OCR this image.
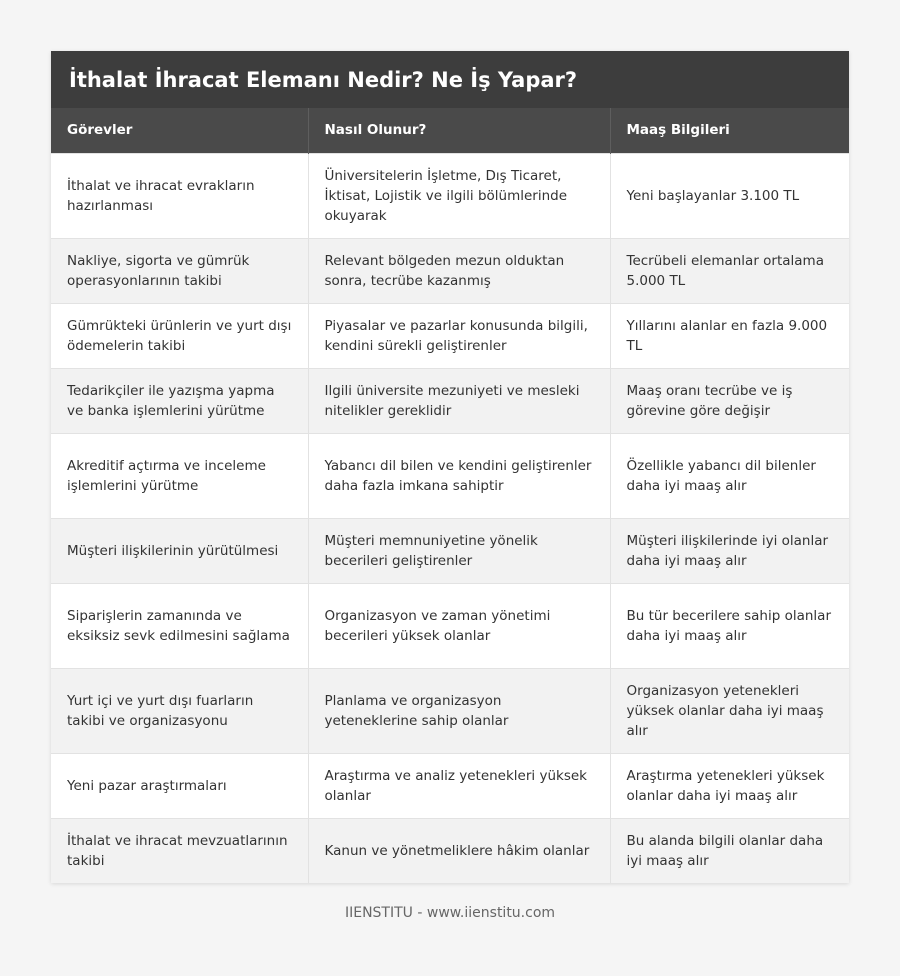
İthalat İhracat Elemanı Nedir? Ne İş Yapar?
Görevler	Nasıl Olunur?	Maaş Bilgileri
İthalat ve ihracat evrakların hazırlanması	Üniversitelerin İşletme, Dış Ticaret, İktisat, Lojistik ve ilgili bölümlerinde okuyarak	Yeni başlayanlar 3.100 TL
Nakliye, sigorta ve gümrük operasyonlarının takibi	Relevant bölgeden mezun olduktan sonra, tecrübe kazanmış	Tecrübeli elemanlar ortalama 5.000 TL
Gümrükteki ürünlerin ve yurt dışı ödemelerin takibi	Piyasalar ve pazarlar konusunda bilgili, kendini sürekli geliştirenler	Yıllarını alanlar en fazla 9.000 TL
Tedarikçiler ile yazışma yapma ve banka işlemlerini yürütme	Ilgili üniversite mezuniyeti ve mesleki nitelikler gereklidir	Maaş oranı tecrübe ve iş görevine göre değişir
Akreditif açtırma ve inceleme işlemlerini yürütme	Yabancı dil bilen ve kendini geliştirenler daha fazla imkana sahiptir	Özellikle yabancı dil bilenler daha iyi maaş alır
Müşteri ilişkilerinin yürütülmesi	Müşteri memnuniyetine yönelik becerileri geliştirenler	Müşteri ilişkilerinde iyi olanlar daha iyi maaş alır
Siparişlerin zamanında ve eksiksiz sevk edilmesini sağlama	Organizasyon ve zaman yönetimi becerileri yüksek olanlar	Bu tür becerilere sahip olanlar daha iyi maaş alır
Yurt içi ve yurt dışı fuarların takibi ve organizasyonu	Planlama ve organizasyon yeteneklerine sahip olanlar	Organizasyon yetenekleri yüksek olanlar daha iyi maaş alır
Yeni pazar araştırmaları	Araştırma ve analiz yetenekleri yüksek olanlar	Araştırma yetenekleri yüksek olanlar daha iyi maaş alır
İthalat ve ihracat mevzuatlarının takibi	Kanun ve yönetmeliklere hâkim olanlar	Bu alanda bilgili olanlar daha iyi maaş alır
IIENSTITU - www.iienstitu.com
